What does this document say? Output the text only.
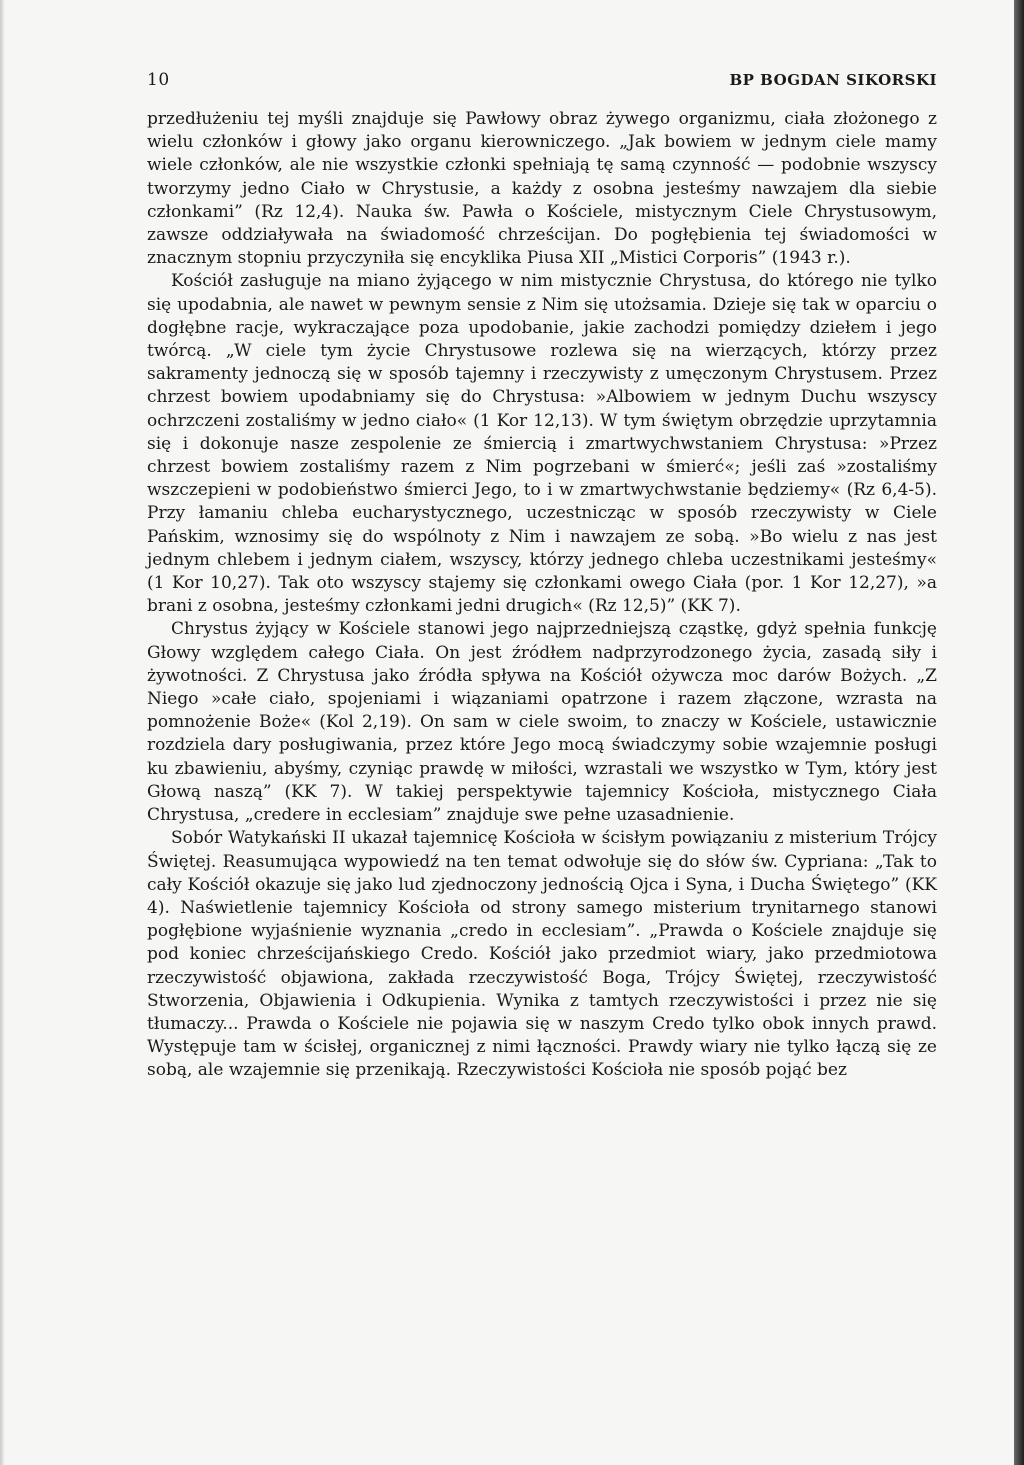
10	BP BOGDAN SIKORSKI

przedłużeniu tej myśli znajduje się Pawłowy obraz żywego organizmu, ciała złożonego z wielu członków i głowy jako organu kierowniczego. „Jak bowiem w jednym ciele mamy wiele członków, ale nie wszystkie członki spełniają tę samą czynność — podobnie wszyscy tworzymy jedno Ciało w Chrystusie, a każdy z osobna jesteśmy nawzajem dla siebie członkami” (Rz 12,4). Nauka św. Pawła o Kościele, mistycznym Ciele Chrystusowym, zawsze oddziaływała na świadomość chrześcijan. Do pogłębienia tej świadomości w znacznym stopniu przyczyniła się encyklika Piusa XII „Mistici Corporis” (1943 r.).

Kościół zasługuje na miano żyjącego w nim mistycznie Chrystusa, do którego nie tylko się upodabnia, ale nawet w pewnym sensie z Nim się utożsamia. Dzieje się tak w oparciu o dogłębne racje, wykraczające poza upodobanie, jakie zachodzi pomiędzy dziełem i jego twórcą. „W ciele tym życie Chrystusowe rozlewa się na wierzących, którzy przez sakramenty jednoczą się w sposób tajemny i rzeczywisty z umęczonym Chrystusem. Przez chrzest bowiem upodabniamy się do Chrystusa: »Albowiem w jednym Duchu wszyscy ochrzczeni zostaliśmy w jedno ciało« (1 Kor 12,13). W tym świętym obrzędzie uprzytamnia się i dokonuje nasze zespolenie ze śmiercią i zmartwychwstaniem Chrystusa: »Przez chrzest bowiem zostaliśmy razem z Nim pogrzebani w śmierć«; jeśli zaś »zostaliśmy wszczepieni w podobieństwo śmierci Jego, to i w zmartwychwstanie będziemy« (Rz 6,4-5). Przy łamaniu chleba eucharystycznego, uczestnicząc w sposób rzeczywisty w Ciele Pańskim, wznosimy się do wspólnoty z Nim i nawzajem ze sobą. »Bo wielu z nas jest jednym chlebem i jednym ciałem, wszyscy, którzy jednego chleba uczestnikami jesteśmy« (1 Kor 10,27). Tak oto wszyscy stajemy się członkami owego Ciała (por. 1 Kor 12,27), »a brani z osobna, jesteśmy członkami jedni drugich« (Rz 12,5)” (KK 7).

Chrystus żyjący w Kościele stanowi jego najprzedniejszą cząstkę, gdyż spełnia funkcję Głowy względem całego Ciała. On jest źródłem nadprzyrodzonego życia, zasadą siły i żywotności. Z Chrystusa jako źródła spływa na Kościół ożywcza moc darów Bożych. „Z Niego »całe ciało, spojeniami i wiązaniami opatrzone i razem złączone, wzrasta na pomnożenie Boże« (Kol 2,19). On sam w ciele swoim, to znaczy w Kościele, ustawicznie rozdziela dary posługiwania, przez które Jego mocą świadczymy sobie wzajemnie posługi ku zbawieniu, abyśmy, czyniąc prawdę w miłości, wzrastali we wszystko w Tym, który jest Głową naszą” (KK 7). W takiej perspektywie tajemnicy Kościoła, mistycznego Ciała Chrystusa, „credere in ecclesiam” znajduje swe pełne uzasadnienie.

Sobór Watykański II ukazał tajemnicę Kościoła w ścisłym powiązaniu z misterium Trójcy Świętej. Reasumująca wypowiedź na ten temat odwołuje się do słów św. Cypriana: „Tak to cały Kościół okazuje się jako lud zjednoczony jednością Ojca i Syna, i Ducha Świętego” (KK 4). Naświetlenie tajemnicy Kościoła od strony samego misterium trynitarnego stanowi pogłębione wyjaśnienie wyznania „credo in ecclesiam”. „Prawda o Kościele znajduje się pod koniec chrześcijańskiego Credo. Kościół jako przedmiot wiary, jako przedmiotowa rzeczywistość objawiona, zakłada rzeczywistość Boga, Trójcy Świętej, rzeczywistość Stworzenia, Objawienia i Odkupienia. Wynika z tamtych rzeczywistości i przez nie się tłumaczy... Prawda o Kościele nie pojawia się w naszym Credo tylko obok innych prawd. Występuje tam w ścisłej, organicznej z nimi łączności. Prawdy wiary nie tylko łączą się ze sobą, ale wzajemnie się przenikają. Rzeczywistości Kościoła nie sposób pojąć bez
